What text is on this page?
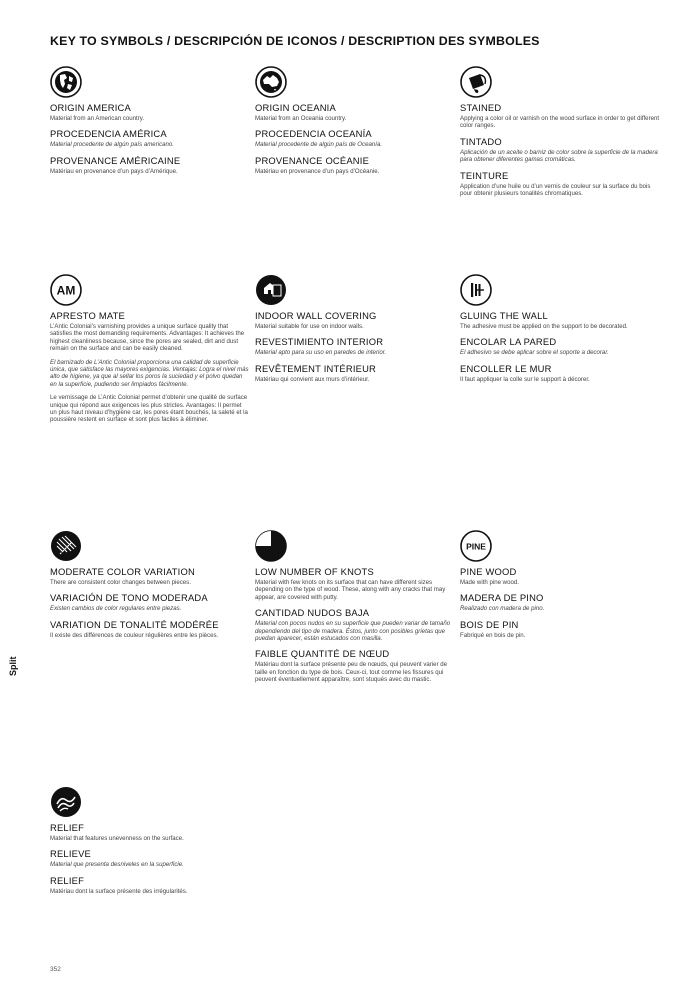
KEY TO SYMBOLS / DESCRIPCIÓN DE ICONOS / DESCRIPTION DES SYMBOLES
ORIGIN AMERICA
Material from an American country.
PROCEDENCIA AMÉRICA
Material procedente de algún país americano.
PROVENANCE AMÉRICAINE
Matériau en provenance d’un pays d’Amérique.
ORIGIN OCEANIA
Material from an Oceania country.
PROCEDENCIA OCEANÍA
Material procedente de algún país de Oceanía.
PROVENANCE OCÉANIE
Matériau en provenance d’un pays d’Océanie.
STAINED
Applying a color oil or varnish on the wood surface in order to get different color ranges.
TINTADO
Aplicación de un aceite o barniz de color sobre la superficie de la madera para obtener diferentes gamas cromáticas.
TEINTURE
Application d’une huile ou d’un vernis de couleur sur la surface du bois pour obtenir plusieurs tonalités chromatiques.
AM
APRESTO MATE
L’Antic Colonial’s varnishing provides a unique surface quality that satisfies the most demanding requirements. Advantages: It achieves the highest cleanliness because, since the pores are sealed, dirt and dust remain on the surface and can be easily cleaned.
El barnizado de L’Antic Colonial proporciona una calidad de superficie única, que satisface las mayores exigencias. Ventajas: Logra el nivel más alto de higiene, ya que al sellar los poros la suciedad y el polvo quedan en la superficie, pudiendo ser limpiados fácilmente.
Le vernissage de L’Antic Colonial permet d’obtenir une qualité de surface unique qui répond aux exigences les plus strictes. Avantages: Il permet un plus haut niveau d’hygiène car, les pores étant bouchés, la saleté et la poussière restent en surface et sont plus faciles à éliminer.
INDOOR WALL COVERING
Material suitable for use on indoor walls.
REVESTIMIENTO INTERIOR
Material apto para su uso en paredes de interior.
REVÊTEMENT INTÉRIEUR
Matériau qui convient aux murs d’intérieur.
GLUING THE WALL
The adhesive must be applied on the support to be decorated.
ENCOLAR LA PARED
El adhesivo se debe aplicar sobre el soporte a decorar.
ENCOLLER LE MUR
Il faut appliquer la colle sur le support à décorer.
MODERATE COLOR VARIATION
There are consistent color changes between pieces.
VARIACIÓN DE TONO MODERADA
Existen cambios de color regulares entre piezas.
VARIATION DE TONALITÉ MODÉRÉE
Il existe des différences de couleur régulières entre les pièces.
LOW NUMBER OF KNOTS
Material with few knots on its surface that can have different sizes depending on the type of wood. These, along with any cracks that may appear, are covered with putty.
CANTIDAD NUDOS BAJA
Material con pocos nudos en su superficie que pueden variar de tamaño dependiendo del tipo de madera. Éstos, junto con posibles grietas que puedan aparecer, están estucados con masilla.
FAIBLE QUANTITÉ DE NŒUD
Matériau dont la surface présente peu de nœuds, qui peuvent varier de taille en fonction du type de bois. Ceux-ci, tout comme les fissures qui peuvent éventuellement apparaître, sont stuqués avec du mastic.
PINE
PINE WOOD
Made with pine wood.
MADERA DE PINO
Realizado con madera de pino.
BOIS DE PIN
Fabriqué en bois de pin.
RELIEF
Material that features unevenness on the surface.
RELIEVE
Material que presenta desniveles en la superficie.
RELIEF
Matériau dont la surface présente des irrégularités.
Split
352
